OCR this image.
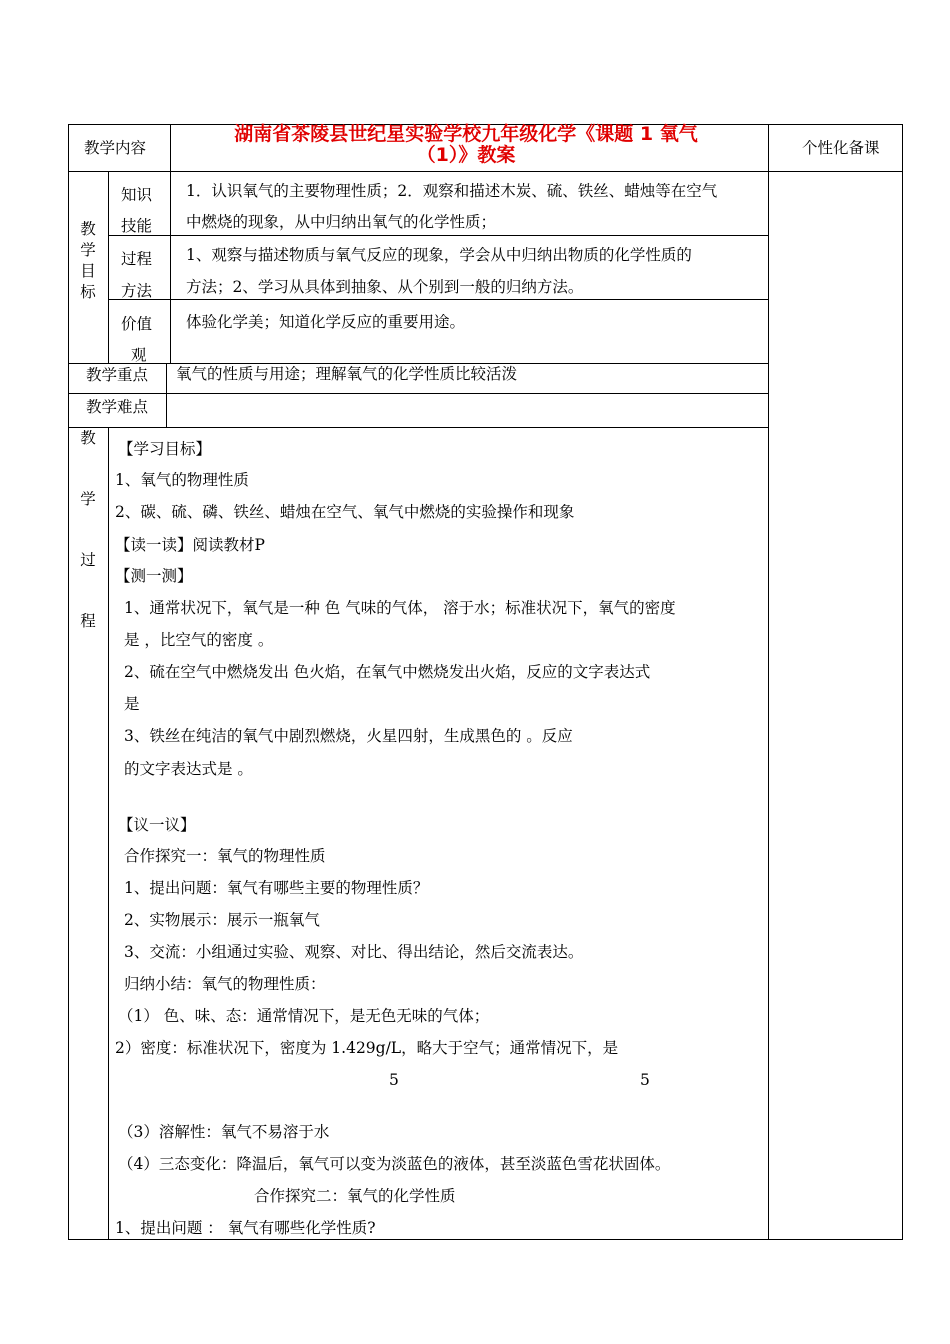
教学内容
湖南省茶陵县世纪星实验学校九年级化学《课题 1 氧气
（1）》教案	个性化备课
教
学
目
标
知识
技能
1．认识氧气的主要物理性质；2．观察和描述木炭、硫、铁丝、蜡烛等在空气
中燃烧的现象，从中归纳出氧气的化学性质；
过程
方法
1、观察与描述物质与氧气反应的现象，学会从中归纳出物质的化学性质的
方法；2、学习从具体到抽象、从个别到一般的归纳方法。
价值
观
体验化学美；知道化学反应的重要用途。
教学重点 氧气的性质与用途；理解氧气的化学性质比较活泼
教学难点
教
学
过
程
【学习目标】
1、氧气的物理性质
2、碳、硫、磷、铁丝、蜡烛在空气、氧气中燃烧的实验操作和现象
【读一读】阅读教材P
【测一测】
1、通常状况下，氧气是一种 色 气味的气体， 溶于水；标准状况下，氧气的密度
是 ，比空气的密度 。
2、硫在空气中燃烧发出 色火焰，在氧气中燃烧发出火焰，反应的文字表达式
是
3、铁丝在纯洁的氧气中剧烈燃烧，火星四射，生成黑色的 。反应
的文字表达式是 。
【议一议】
合作探究一：氧气的物理性质
1、提出问题：氧气有哪些主要的物理性质？
2、实物展示：展示一瓶氧气
3、交流：小组通过实验、观察、对比、得出结论，然后交流表达。
归纳小结：氧气的物理性质：
（1） 色、味、态：通常情况下，是无色无味的气体；
2）密度：标准状况下，密度为 1.429g/L，略大于空气；通常情况下，是
5	5
（3）溶解性：氧气不易溶于水
（4）三态变化：降温后，氧气可以变为淡蓝色的液体，甚至淡蓝色雪花状固体。
合作探究二：氧气的化学性质
1、提出问题 ： 氧气有哪些化学性质?
